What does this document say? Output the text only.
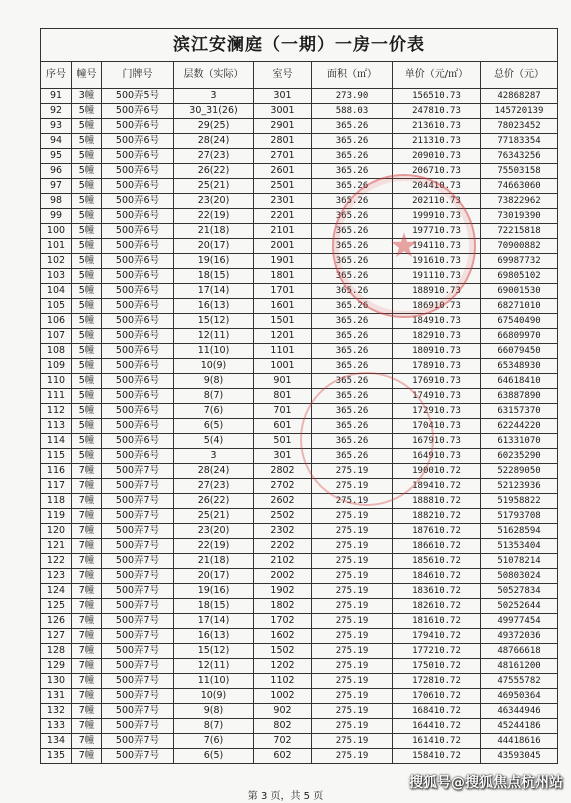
滨江安澜庭（一期）一房一价表							
序号	幢号	门牌号	层数（实际）	室号	面积（㎡）	单价（元/㎡）	总价（元）
91	3幢	500弄5号	3	301	273.90	156510.73	42868287
92	5幢	500弄6号	30_31(26)	3001	588.03	247810.73	145720139
93	5幢	500弄6号	29(25)	2901	365.26	213610.73	78023452
94	5幢	500弄6号	28(24)	2801	365.26	211310.73	77183354
95	5幢	500弄6号	27(23)	2701	365.26	209010.73	76343256
96	5幢	500弄6号	26(22)	2601	365.26	206710.73	75503158
97	5幢	500弄6号	25(21)	2501	365.26	204410.73	74663060
98	5幢	500弄6号	23(20)	2301	365.26	202110.73	73822962
99	5幢	500弄6号	22(19)	2201	365.26	199910.73	73019390
100	5幢	500弄6号	21(18)	2101	365.26	197710.73	72215818
101	5幢	500弄6号	20(17)	2001	365.26	194110.73	70900882
102	5幢	500弄6号	19(16)	1901	365.26	191610.73	69987732
103	5幢	500弄6号	18(15)	1801	365.26	191110.73	69805102
104	5幢	500弄6号	17(14)	1701	365.26	188910.73	69001530
105	5幢	500弄6号	16(13)	1601	365.26	186910.73	68271010
106	5幢	500弄6号	15(12)	1501	365.26	184910.73	67540490
107	5幢	500弄6号	12(11)	1201	365.26	182910.73	66809970
108	5幢	500弄6号	11(10)	1101	365.26	180910.73	66079450
109	5幢	500弄6号	10(9)	1001	365.26	178910.73	65348930
110	5幢	500弄6号	9(8)	901	365.26	176910.73	64618410
111	5幢	500弄6号	8(7)	801	365.26	174910.73	63887890
112	5幢	500弄6号	7(6)	701	365.26	172910.73	63157370
113	5幢	500弄6号	6(5)	601	365.26	170410.73	62244220
114	5幢	500弄6号	5(4)	501	365.26	167910.73	61331070
115	5幢	500弄6号	3	301	365.26	164910.73	60235290
116	7幢	500弄7号	28(24)	2802	275.19	190010.72	52289050
117	7幢	500弄7号	27(23)	2702	275.19	189410.72	52123936
118	7幢	500弄7号	26(22)	2602	275.19	188810.72	51958822
119	7幢	500弄7号	25(21)	2502	275.19	188210.72	51793708
120	7幢	500弄7号	23(20)	2302	275.19	187610.72	51628594
121	7幢	500弄7号	22(19)	2202	275.19	186610.72	51353404
122	7幢	500弄7号	21(18)	2102	275.19	185610.72	51078214
123	7幢	500弄7号	20(17)	2002	275.19	184610.72	50803024
124	7幢	500弄7号	19(16)	1902	275.19	183610.72	50527834
125	7幢	500弄7号	18(15)	1802	275.19	182610.72	50252644
126	7幢	500弄7号	17(14)	1702	275.19	181610.72	49977454
127	7幢	500弄7号	16(13)	1602	275.19	179410.72	49372036
128	7幢	500弄7号	15(12)	1502	275.19	177210.72	48766618
129	7幢	500弄7号	12(11)	1202	275.19	175010.72	48161200
130	7幢	500弄7号	11(10)	1102	275.19	172810.72	47555782
131	7幢	500弄7号	10(9)	1002	275.19	170610.72	46950364
132	7幢	500弄7号	9(8)	902	275.19	168410.72	46344946
133	7幢	500弄7号	8(7)	802	275.19	164410.72	45244186
134	7幢	500弄7号	7(6)	702	275.19	161410.72	44418616
135	7幢	500弄7号	6(5)	602	275.19	158410.72	43593045
★
第 3 页，共 5 页
搜狐号@搜狐焦点杭州站
